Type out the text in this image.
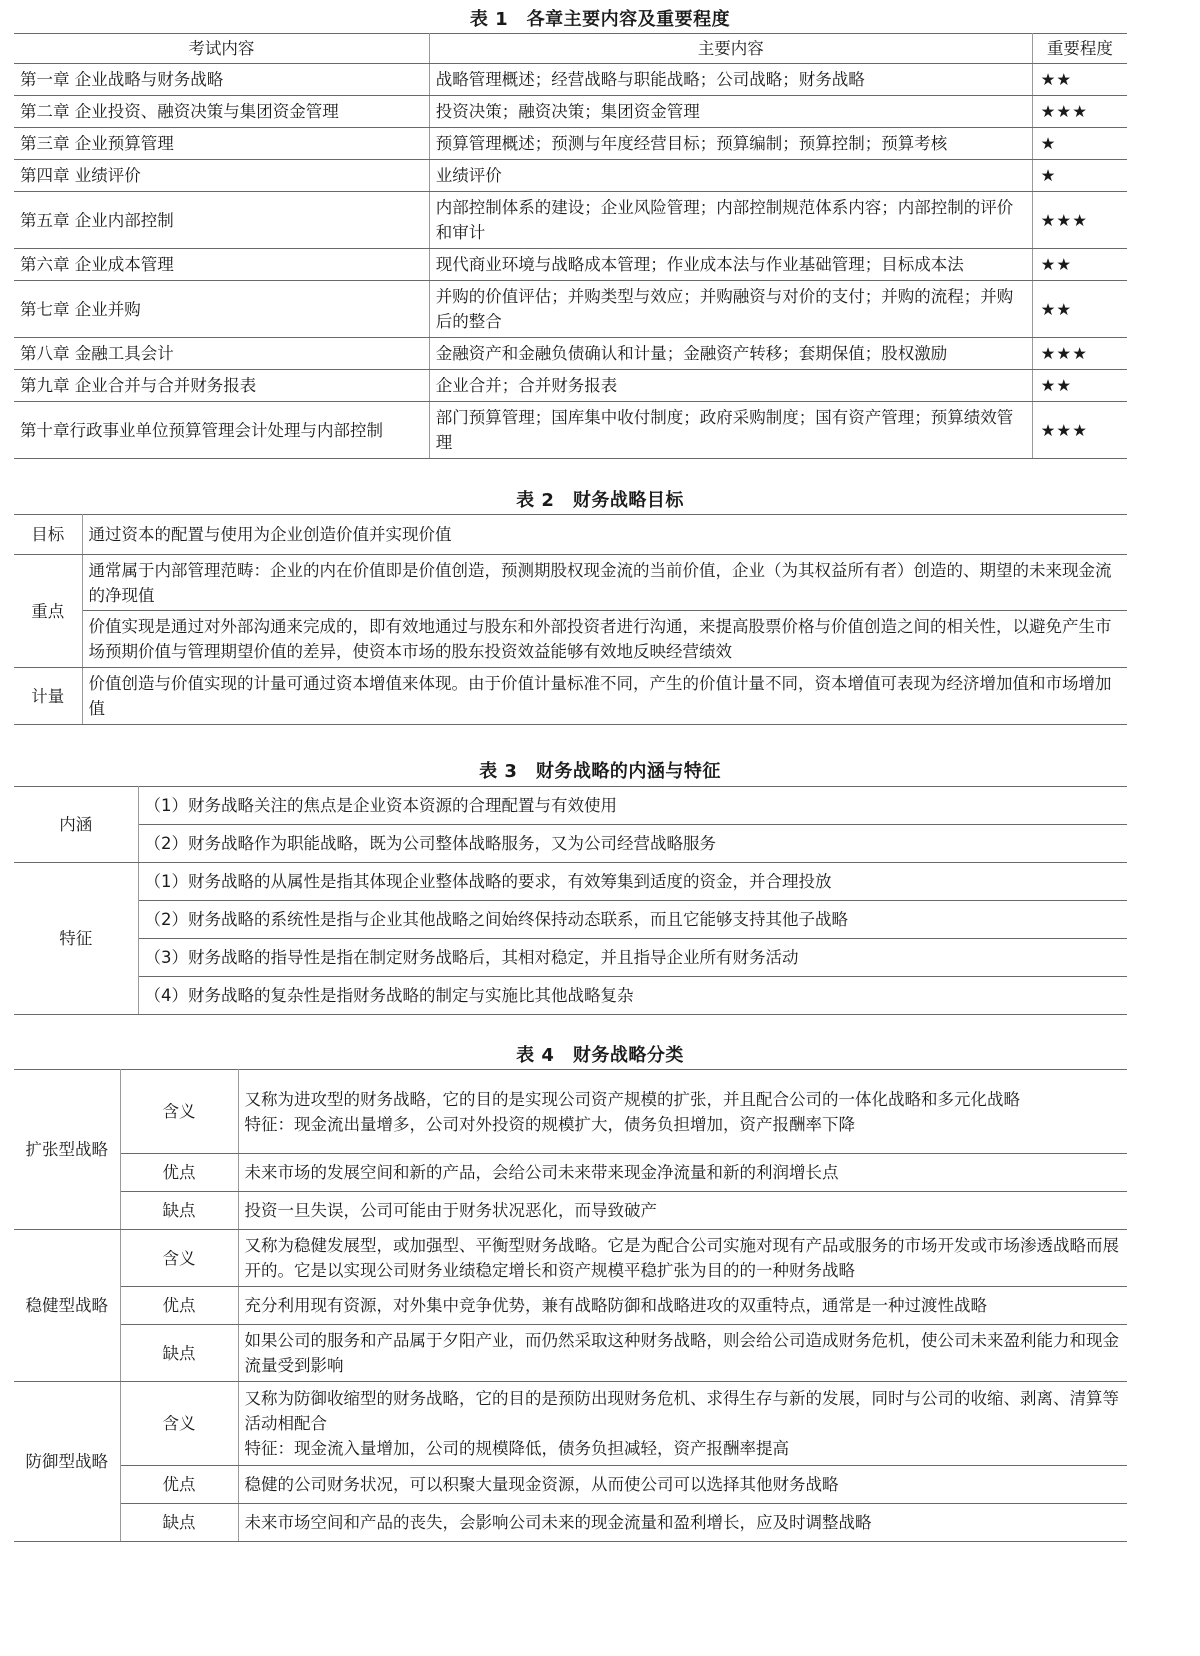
表 1　各章主要内容及重要程度
考试内容	主要内容	重要程度
第一章 企业战略与财务战略	战略管理概述；经营战略与职能战略；公司战略；财务战略	★★
第二章 企业投资、融资决策与集团资金管理	投资决策；融资决策；集团资金管理	★★★
第三章 企业预算管理	预算管理概述；预测与年度经营目标；预算编制；预算控制；预算考核	★
第四章 业绩评价	业绩评价	★
第五章 企业内部控制	内部控制体系的建设；企业风险管理；内部控制规范体系内容；内部控制的评价和审计	★★★
第六章 企业成本管理	现代商业环境与战略成本管理；作业成本法与作业基础管理；目标成本法	★★
第七章 企业并购	并购的价值评估；并购类型与效应；并购融资与对价的支付；并购的流程；并购后的整合	★★
第八章 金融工具会计	金融资产和金融负债确认和计量；金融资产转移；套期保值；股权激励	★★★
第九章 企业合并与合并财务报表	企业合并；合并财务报表	★★
第十章行政事业单位预算管理会计处理与内部控制	部门预算管理；国库集中收付制度；政府采购制度；国有资产管理；预算绩效管理	★★★
表 2　财务战略目标
目标	通过资本的配置与使用为企业创造价值并实现价值
重点	通常属于内部管理范畴：企业的内在价值即是价值创造，预测期股权现金流的当前价值，企业（为其权益所有者）创造的、期望的未来现金流的净现值
	价值实现是通过对外部沟通来完成的，即有效地通过与股东和外部投资者进行沟通，来提高股票价格与价值创造之间的相关性，以避免产生市场预期价值与管理期望价值的差异，使资本市场的股东投资效益能够有效地反映经营绩效
计量	价值创造与价值实现的计量可通过资本增值来体现。由于价值计量标准不同，产生的价值计量不同，资本增值可表现为经济增加值和市场增加值
表 3　财务战略的内涵与特征
内涵	（1）财务战略关注的焦点是企业资本资源的合理配置与有效使用
	（2）财务战略作为职能战略，既为公司整体战略服务，又为公司经营战略服务
特征	（1）财务战略的从属性是指其体现企业整体战略的要求，有效筹集到适度的资金，并合理投放
	（2）财务战略的系统性是指与企业其他战略之间始终保持动态联系，而且它能够支持其他子战略
	（3）财务战略的指导性是指在制定财务战略后，其相对稳定，并且指导企业所有财务活动
	（4）财务战略的复杂性是指财务战略的制定与实施比其他战略复杂
表 4　财务战略分类
扩张型战略	含义	又称为进攻型的财务战略，它的目的是实现公司资产规模的扩张，并且配合公司的一体化战略和多元化战略
特征：现金流出量增多，公司对外投资的规模扩大，债务负担增加，资产报酬率下降

	优点	未来市场的发展空间和新的产品，会给公司未来带来现金净流量和新的利润增长点
	缺点	投资一旦失误，公司可能由于财务状况恶化，而导致破产
稳健型战略	含义	又称为稳健发展型，或加强型、平衡型财务战略。它是为配合公司实施对现有产品或服务的市场开发或市场渗透战略而展开的。它是以实现公司财务业绩稳定增长和资产规模平稳扩张为目的的一种财务战略

	优点	充分利用现有资源，对外集中竞争优势，兼有战略防御和战略进攻的双重特点，通常是一种过渡性战略
	缺点	如果公司的服务和产品属于夕阳产业，而仍然采取这种财务战略，则会给公司造成财务危机，使公司未来盈利能力和现金流量受到影响
防御型战略	含义	又称为防御收缩型的财务战略，它的目的是预防出现财务危机、求得生存与新的发展，同时与公司的收缩、剥离、清算等活动相配合
特征：现金流入量增加，公司的规模降低，债务负担减轻，资产报酬率提高

	优点	稳健的公司财务状况，可以积聚大量现金资源，从而使公司可以选择其他财务战略
	缺点	未来市场空间和产品的丧失，会影响公司未来的现金流量和盈利增长，应及时调整战略
